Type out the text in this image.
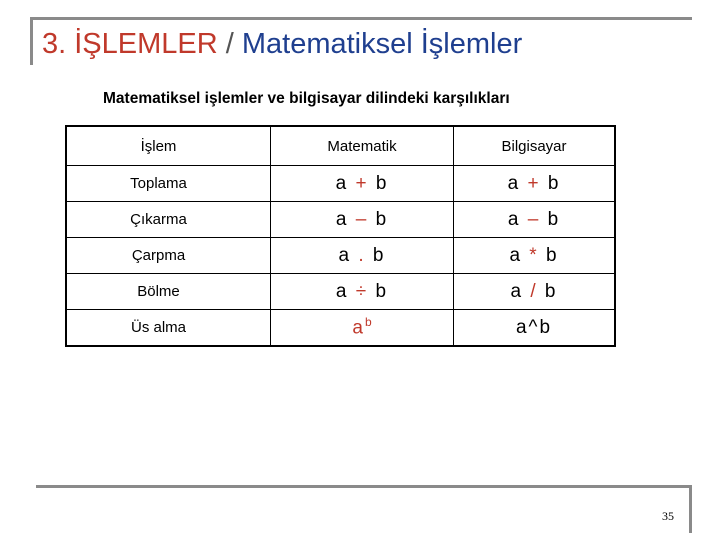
3. İŞLEMLER / Matematiksel İşlemler
Matematiksel işlemler ve bilgisayar dilindeki karşılıkları
İşlem	Matematik	Bilgisayar
Toplama	a + b	a + b
Çıkarma	a – b	a – b
Çarpma	a . b	a * b
Bölme	a ÷ b	a / b
Üs alma	$a^b$	a^b
35
